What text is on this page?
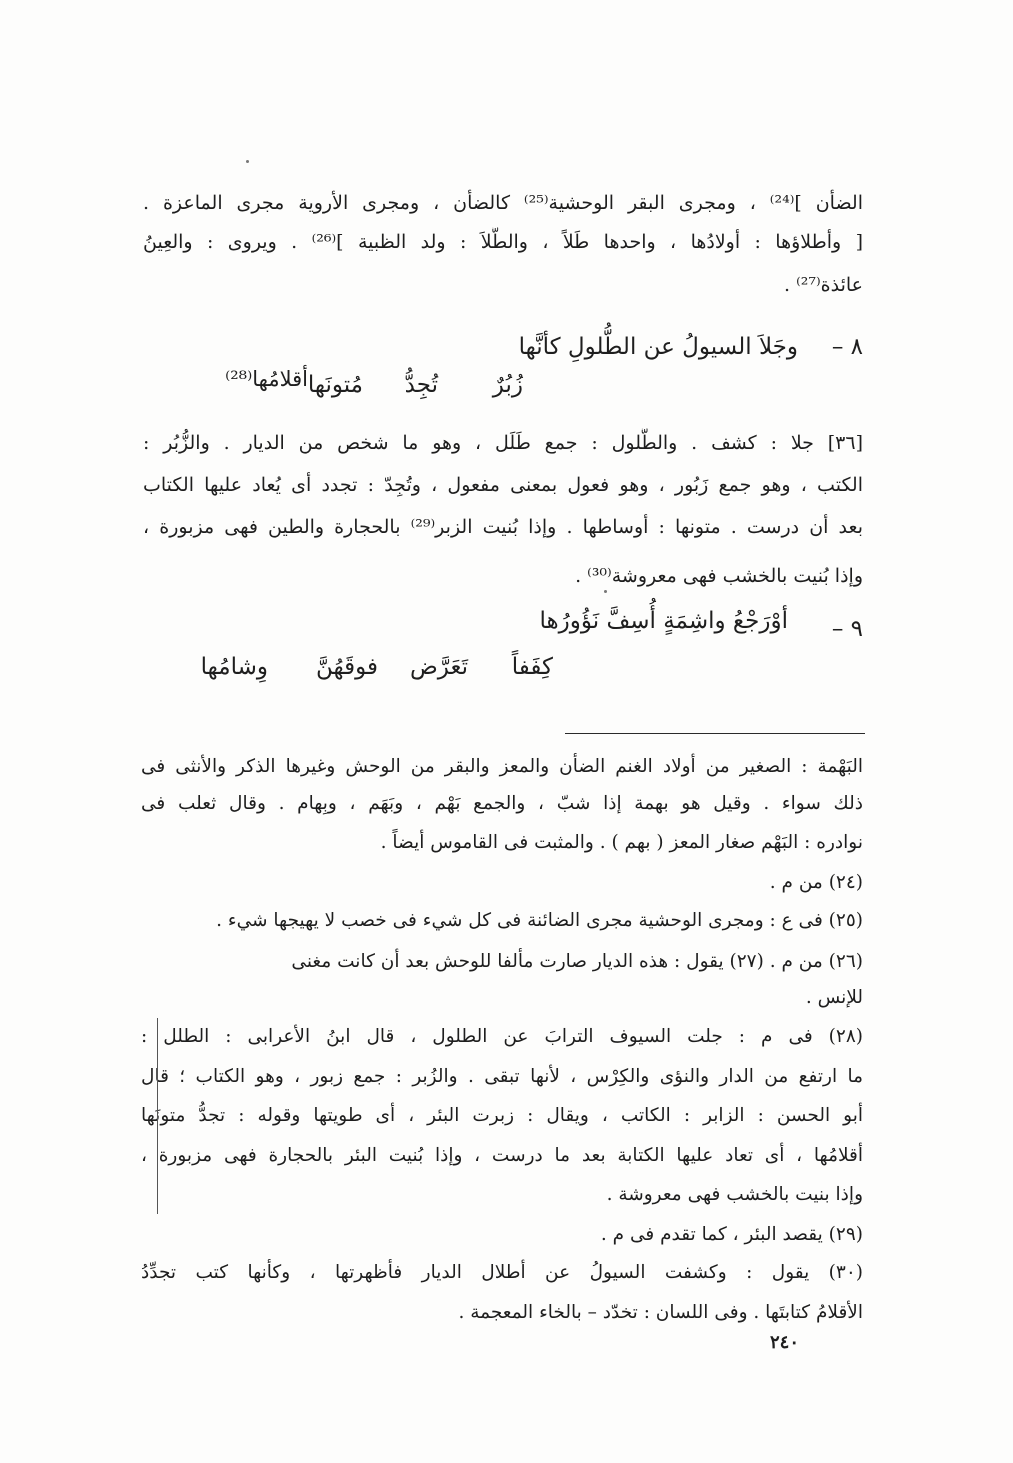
الضأن ]⁽²⁴⁾ ، ومجرى البقر الوحشية⁽²⁵⁾ كالضأن ، ومجرى الأروية مجرى الماعزة .
[ وأطلاؤها : أولادُها ، واحدها طَلاً ، والطَّلاَ : ولد الظبية ]⁽²⁶⁾ . ويروى : والعِينُ
عائذة⁽²⁷⁾ .
٨ –
وجَلاَ السيولُ عن الطُّلولِ كأنَّها
زُبُرٌ
تُجِدُّ
مُتونَها
أقلامُها⁽²⁸⁾
[٣٦] جلا : كشف . والطُّلول : جمع طَلَل ، وهو ما شخص من الديار . والزُّبُر :
الكتب ، وهو جمع زَبُور ، وهو فعول بمعنى مفعول ، وتُجِدّ : تجدد أى يُعاد عليها الكتاب
بعد أن درست . متونها : أوساطها . وإذا بُنيت الزبر⁽²⁹⁾ بالحجارة والطين فهى مزبورة ،
وإذا بُنيت بالخشب فهى معروشة⁽³⁰⁾ .
٩ –
أوْرَجْعُ واشِمَةٍ أُسِفَّ نَؤُورُها
كِفَفاً
تَعَرَّض
فوقَهُنَّ
وِشامُها
البَهْمة : الصغير من أولاد الغنم الضأن والمعز والبقر من الوحش وغيرها الذكر والأنثى فى
ذلك سواء . وقيل هو بهمة إذا شبّ ، والجمع بَهْم ، وبَهَم ، وبِهام . وقال ثعلب فى
نوادره : البَهْم صغار المعز ( بهم ) . والمثبت فى القاموس أيضاً .
(٢٤) من م .
(٢٥) فى ع : ومجرى الوحشية مجرى الضائنة فى كل شيء فى خصب لا يهيجها شيء .
(٢٦) من م . (٢٧) يقول : هذه الديار صارت مألفا للوحش بعد أن كانت مغنى
للإنس .
(٢٨) فى م : جلت السيوف الترابَ عن الطلول ، قال ابنُ الأعرابى : الطلل :
ما ارتفع من الدار والنؤى والكِرْس ، لأنها تبقى . والزُبر : جمع زبور ، وهو الكتاب ؛ قال
أبو الحسن : الزابر : الكاتب ، ويقال : زبرت البئر ، أى طويتها وقوله : تجدُّ متونَها
أقلامُها ، أى تعاد عليها الكتابة بعد ما درست ، وإذا بُنيت البئر بالحجارة فهى مزبورة ،
وإذا بنيت بالخشب فهى معروشة .
(٢٩) يقصد البئر ، كما تقدم فى م .
(٣٠) يقول : وكشفت السيولُ عن أطلال الديار فأظهرتها ، وكأنها كتب تجدِّدُ
الأقلامُ كتابتَها . وفى اللسان : تخدّد – بالخاء المعجمة .
٢٤٠
